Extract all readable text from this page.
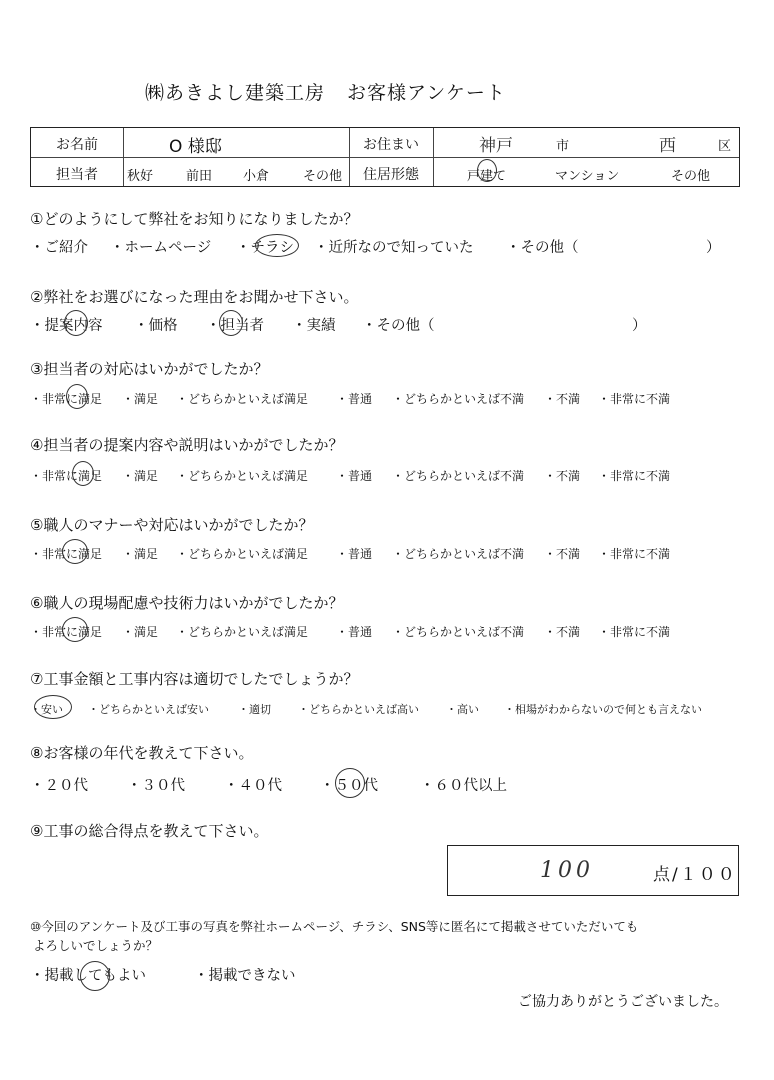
㈱あきよし建築工房 お客様アンケート
お名前	O 様邸	お住まい	神戸	市	西	区
担当者	秋好	前田 小倉	その他	住居形態	戸建て	マンション	その他
①どのようにして弊社をお知りになりましたか？
・ご紹介 ・ホームページ ・チラシ ・近所なので知っていた ・その他（	）
②弊社をお選びになった理由をお聞かせ下さい。
・提案内容 ・価格 ・担当者 ・実績 ・その他（	）
③担当者の対応はいかがでしたか？
・非常に満足 ・満足 ・どちらかといえば満足 ・普通 ・どちらかといえば不満 ・不満 ・非常に不満
④担当者の提案内容や説明はいかがでしたか？
・非常に満足 ・満足 ・どちらかといえば満足 ・普通 ・どちらかといえば不満 ・不満 ・非常に不満
⑤職人のマナーや対応はいかがでしたか？
・非常に満足 ・満足 ・どちらかといえば満足 ・普通 ・どちらかといえば不満 ・不満 ・非常に不満
⑥職人の現場配慮や技術力はいかがでしたか？
・非常に満足 ・満足 ・どちらかといえば満足 ・普通 ・どちらかといえば不満 ・不満 ・非常に不満
⑦工事金額と工事内容は適切でしたでしょうか？
・安い ・どちらかといえば安い	・適切 ・どちらかといえば高い ・高い ・相場がわからないので何とも言えない
⑧お客様の年代を教えて下さい。
・２０代	・３０代	・４０代	・５０代	・６０代以上
⑨工事の総合得点を教えて下さい。
100	点/１００
⑩今回のアンケート及び工事の写真を弊社ホームページ、チラシ、SNS等に匿名にて掲載させていただいても
よろしいでしょうか？
・掲載してもよい	・掲載できない
ご協力ありがとうございました。
